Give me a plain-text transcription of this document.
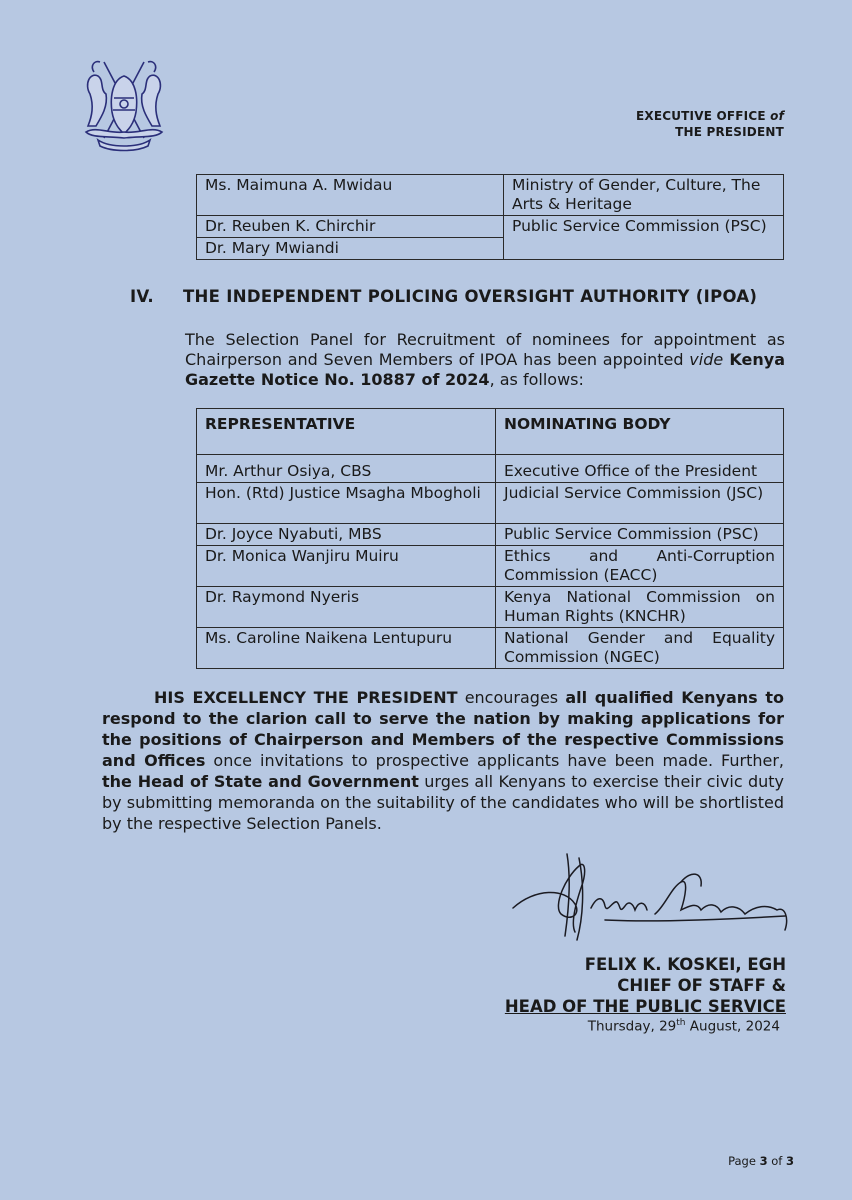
EXECUTIVE OFFICE of
THE PRESIDENT
Ms. Maimuna A. Mwidau	Ministry of Gender, Culture, The Arts & Heritage
Dr. Reuben K. Chirchir	Public Service Commission (PSC)
Dr. Mary Mwiandi	
IV. THE INDEPENDENT POLICING OVERSIGHT AUTHORITY (IPOA)
The Selection Panel for Recruitment of nominees for appointment as Chairperson and Seven Members of IPOA has been appointed vide Kenya Gazette Notice No. 10887 of 2024, as follows:
REPRESENTATIVE	NOMINATING BODY
Mr. Arthur Osiya, CBS	Executive Office of the President
Hon. (Rtd) Justice Msagha Mbogholi	Judicial Service Commission (JSC)
Dr. Joyce Nyabuti, MBS	Public Service Commission (PSC)
Dr. Monica Wanjiru Muiru	Ethics and Anti-Corruption
Commission (EACC)

Dr. Raymond Nyeris	Kenya National Commission on
Human Rights (KNCHR)

Ms. Caroline Naikena Lentupuru	National Gender and Equality
Commission (NGEC)
HIS EXCELLENCY THE PRESIDENT encourages all qualified Kenyans to respond to the clarion call to serve the nation by making applications for the positions of Chairperson and Members of the respective Commissions and Offices once invitations to prospective applicants have been made. Further, the Head of State and Government urges all Kenyans to exercise their civic duty by submitting memoranda on the suitability of the candidates who will be shortlisted by the respective Selection Panels.
FELIX K. KOSKEI, EGH
CHIEF OF STAFF &
HEAD OF THE PUBLIC SERVICE
Thursday, 29th August, 2024
Page 3 of 3
